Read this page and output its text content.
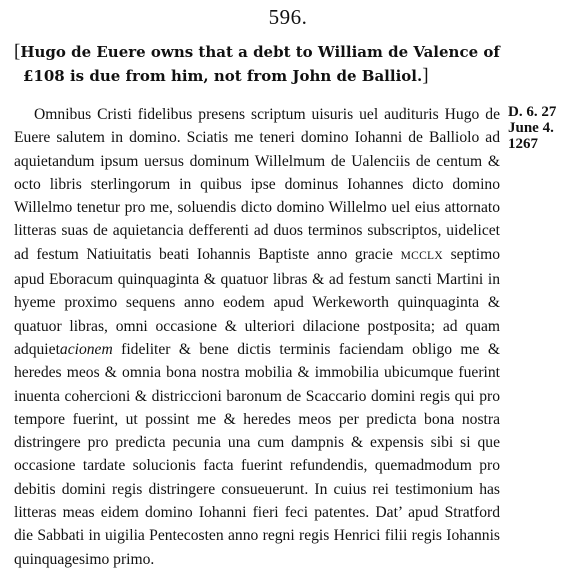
596.
[Hugo de Euere owns that a debt to William de Valence of £108 is due from him, not from John de Balliol.]
D. 6. 27
June 4.
1267

Omnibus Cristi fidelibus presens scriptum uisuris uel audituris Hugo de Euere salutem in domino. Sciatis me teneri domino Iohanni de Balliolo ad aquietandum ipsum uersus dominum Willelmum de Ualenciis de centum & octo libris sterlingorum in quibus ipse dominus Iohannes dicto domino Willelmo tenetur pro me, soluendis dicto domino Willelmo uel eius attornato litteras suas de aquietancia defferenti ad duos terminos subscriptos, uidelicet ad festum Natiuitatis beati Iohannis Baptiste anno gracie MCCLX septimo apud Eboracum quinquaginta & quatuor libras & ad festum sancti Martini in hyeme proximo sequens anno eodem apud Werkeworth quinquaginta & quatuor libras, omni occasione & ulteriori dilacione postposita; ad quam adquietacionem fideliter & bene dictis terminis faciendam obligo me & heredes meos & omnia bona nostra mobilia & immobilia ubicumque fuerint inuenta cohercioni & districcioni baronum de Scaccario domini regis qui pro tempore fuerint, ut possint me & heredes meos per predicta bona nostra distringere pro predicta pecunia una cum dampnis & expensis sibi si que occasione tardate solucionis facta fuerint refundendis, quemadmodum pro debitis domini regis distringere consueuerunt. In cuius rei testimonium has litteras meas eidem domino Iohanni fieri feci patentes. Dat’ apud Stratford die Sabbati in uigilia Pentecosten anno regni regis Henrici filii regis Iohannis quinquagesimo primo.
